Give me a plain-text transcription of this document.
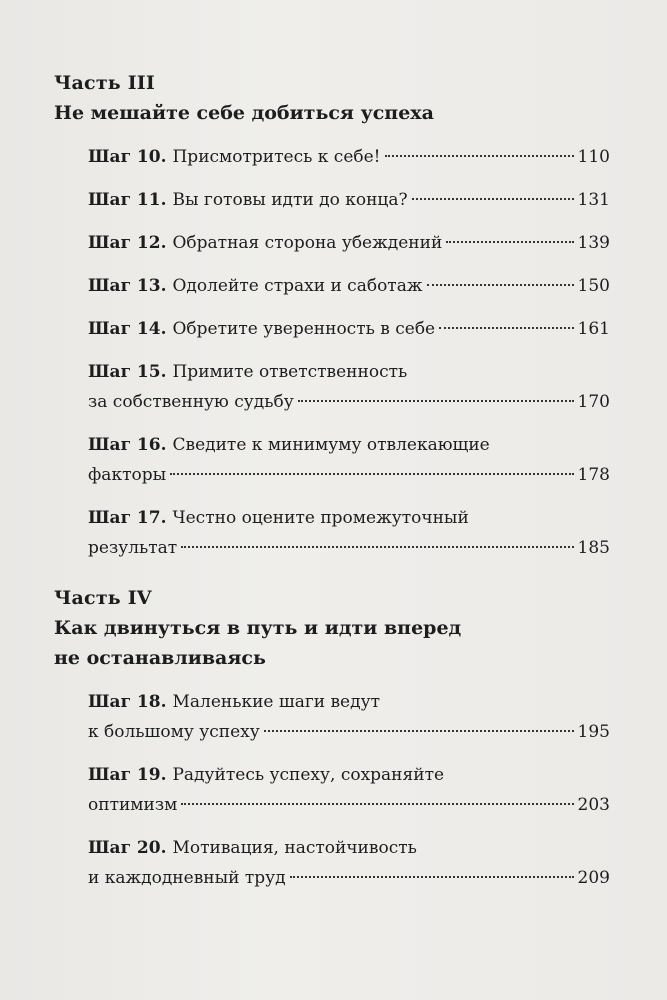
Часть III
Не мешайте себе добиться успеха
Шаг 10. Присмотритесь к себе!	110
Шаг 11. Вы готовы идти до конца?	131
Шаг 12. Обратная сторона убеждений	139
Шаг 13. Одолейте страхи и саботаж	150
Шаг 14. Обретите уверенность в себе	161
Шаг 15. Примите ответственность
за собственную судьбу	170
Шаг 16. Сведите к минимуму отвлекающие
факторы	178
Шаг 17. Честно оцените промежуточный
результат	185
Часть IV
Как двинуться в путь и идти вперед
не останавливаясь
Шаг 18. Маленькие шаги ведут
к большому успеху	195
Шаг 19. Радуйтесь успеху, сохраняйте
оптимизм	203
Шаг 20. Мотивация, настойчивость
и каждодневный труд	209
